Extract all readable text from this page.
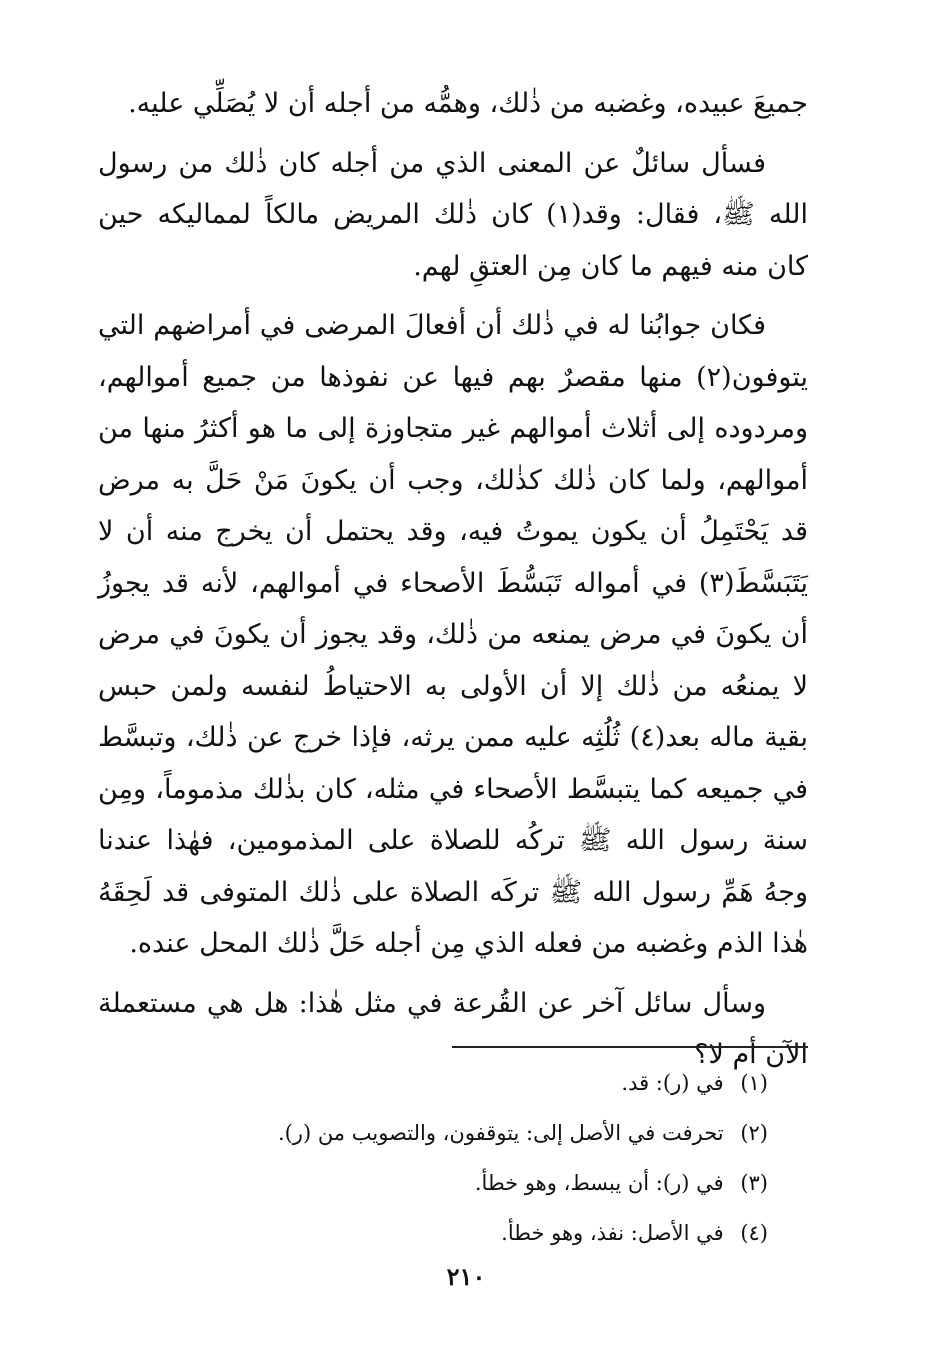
جميعَ عبيده، وغضبه من ذٰلك، وهمُّه من أجله أن لا يُصَلِّي عليه.

فسأل سائلٌ عن المعنى الذي من أجله كان ذٰلك من رسول الله ﷺ، فقال: وقد(١) كان ذٰلك المريض مالكاً لمماليكه حين كان منه فيهم ما كان مِن العتقِ لهم.

فكان جوابُنا له في ذٰلك أن أفعالَ المرضى في أمراضهم التي يتوفون(٢) منها مقصرٌ بهم فيها عن نفوذها من جميع أموالهم، ومردوده إلى أثلاث أموالهم غير متجاوزة إلى ما هو أكثرُ منها من أموالهم، ولما كان ذٰلك كذٰلك، وجب أن يكونَ مَنْ حَلَّ به مرض قد يَحْتَمِلُ أن يكون يموتُ فيه، وقد يحتمل أن يخرج منه أن لا يَتَبَسَّطَ(٣) في أمواله تَبَسُّطَ الأصحاء في أموالهم، لأنه قد يجوزُ أن يكونَ في مرض يمنعه من ذٰلك، وقد يجوز أن يكونَ في مرض لا يمنعُه من ذٰلك إلا أن الأولى به الاحتياطُ لنفسه ولمن حبس بقية ماله بعد(٤) ثُلُثِه عليه ممن يرثه، فإذا خرج عن ذٰلك، وتبسَّط في جميعه كما يتبسَّط الأصحاء في مثله، كان بذٰلك مذموماً، ومِن سنة رسول الله ﷺ تركُه للصلاة على المذمومين، فهٰذا عندنا وجهُ هَمِّ رسول الله ﷺ تركَه الصلاة على ذٰلك المتوفى قد لَحِقَهُ هٰذا الذم وغضبه من فعله الذي مِن أجله حَلَّ ذٰلك المحل عنده.

وسأل سائل آخر عن القُرعة في مثل هٰذا: هل هي مستعملة الآن أم لا؟

(١) في (ر): قد.
(٢) تحرفت في الأصل إلى: يتوقفون، والتصويب من (ر).
(٣) في (ر): أن يبسط، وهو خطأ.
(٤) في الأصل: نفذ، وهو خطأ.
٢١٠
